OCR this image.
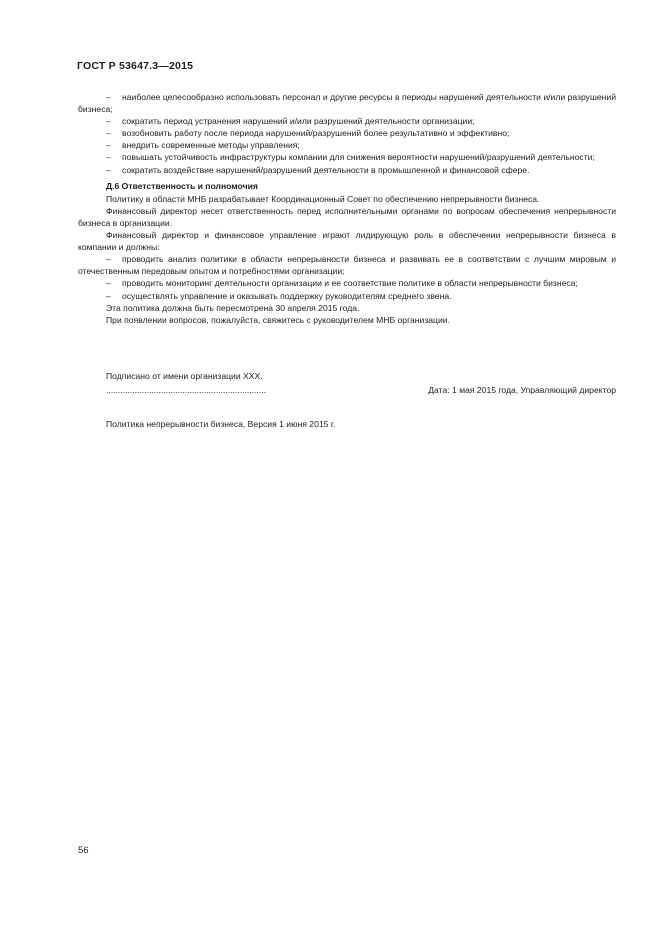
ГОСТ Р 53647.3—2015

– наиболее целесообразно использовать персонал и другие ресурсы в периоды нарушений деятельности и/или разрушений бизнеса;

– сократить период устранения нарушений и/или разрушений деятельности организации;

– возобновить работу после периода нарушений/разрушений более результативно и эффективно;

– внедрить современные методы управления;

– повышать устойчивость инфраструктуры компании для снижения вероятности нарушений/разрушений деятельности;

– сократить воздействие нарушений/разрушений деятельности в промышленной и финансовой сфере.

Д.6 Ответственность и полномочия

Политику в области МНБ разрабатывает Координационный Совет по обеспечению непрерывности бизнеса.

Финансовый директор несет ответственность перед исполнительными органами по вопросам обеспечения непрерывности бизнеса в организации.

Финансовый директор и финансовое управление играют лидирующую роль в обеспечении непрерывности бизнеса в компании и должны:

– проводить анализ политики в области непрерывности бизнеса и развивать ее в соответствии с лучшим мировым и отечественным передовым опытом и потребностями организации;

– проводить мониторинг деятельности организации и ее соответствие политике в области непрерывности бизнеса;

– осуществлять управление и оказывать поддержку руководителям среднего звена.

Эта политика должна быть пересмотрена 30 апреля 2015 года.

При появлении вопросов, пожалуйста, свяжитесь с руководителем МНБ организации.

Подписано от имени организации XXX.

...................................................................	Дата: 1 мая 2015 года, Управляющий директор

Политика непрерывности бизнеса, Версия 1 июня 2015 г.

56
